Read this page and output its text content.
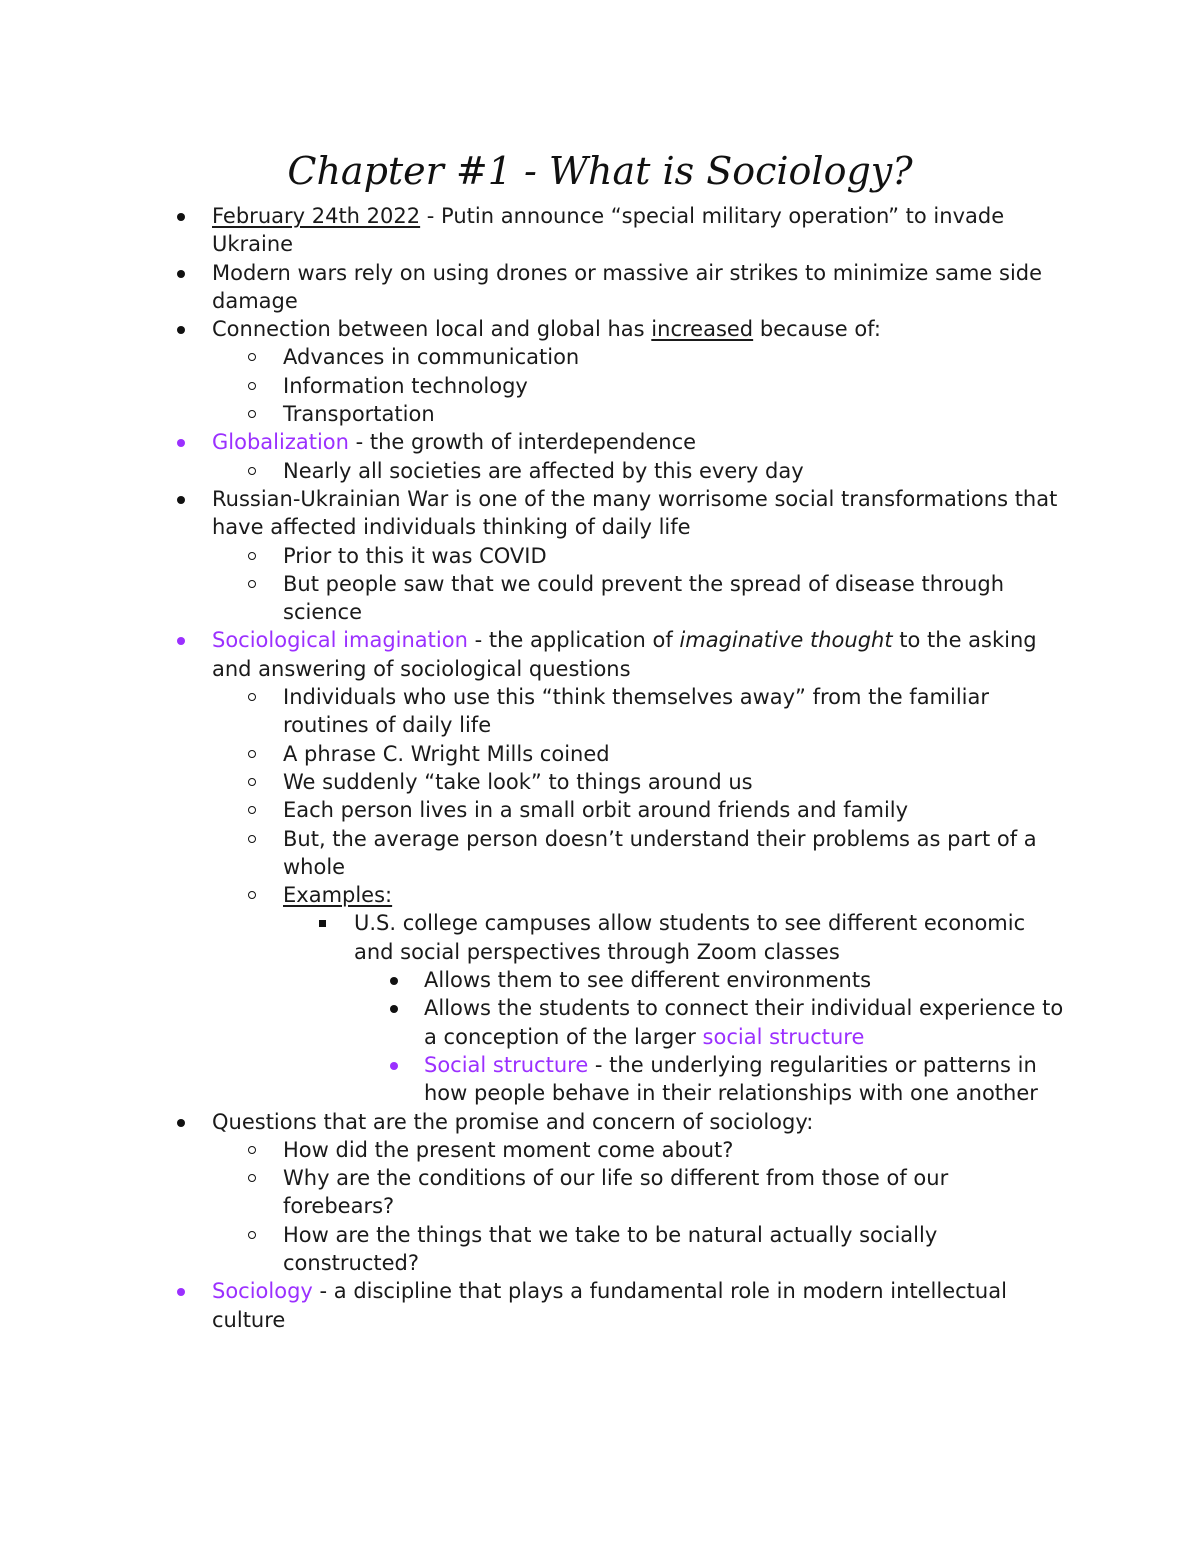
Chapter #1 - What is Sociology?
February 24th 2022 - Putin announce “special military operation” to invade Ukraine
Modern wars rely on using drones or massive air strikes to minimize same side damage
Connection between local and global has increased because of:
Advances in communication
Information technology
Transportation
Globalization - the growth of interdependence
Nearly all societies are affected by this every day
Russian-Ukrainian War is one of the many worrisome social transformations that have affected individuals thinking of daily life
Prior to this it was COVID
But people saw that we could prevent the spread of disease through science
Sociological imagination - the application of imaginative thought to the asking and answering of sociological questions
Individuals who use this “think themselves away” from the familiar routines of daily life
A phrase C. Wright Mills coined
We suddenly “take look” to things around us
Each person lives in a small orbit around friends and family
But, the average person doesn’t understand their problems as part of a whole
Examples:
U.S. college campuses allow students to see different economic and social perspectives through Zoom classes
Allows them to see different environments
Allows the students to connect their individual experience to a conception of the larger social structure
Social structure - the underlying regularities or patterns in how people behave in their relationships with one another
Questions that are the promise and concern of sociology:
How did the present moment come about?
Why are the conditions of our life so different from those of our forebears?
How are the things that we take to be natural actually socially constructed?
Sociology - a discipline that plays a fundamental role in modern intellectual culture
